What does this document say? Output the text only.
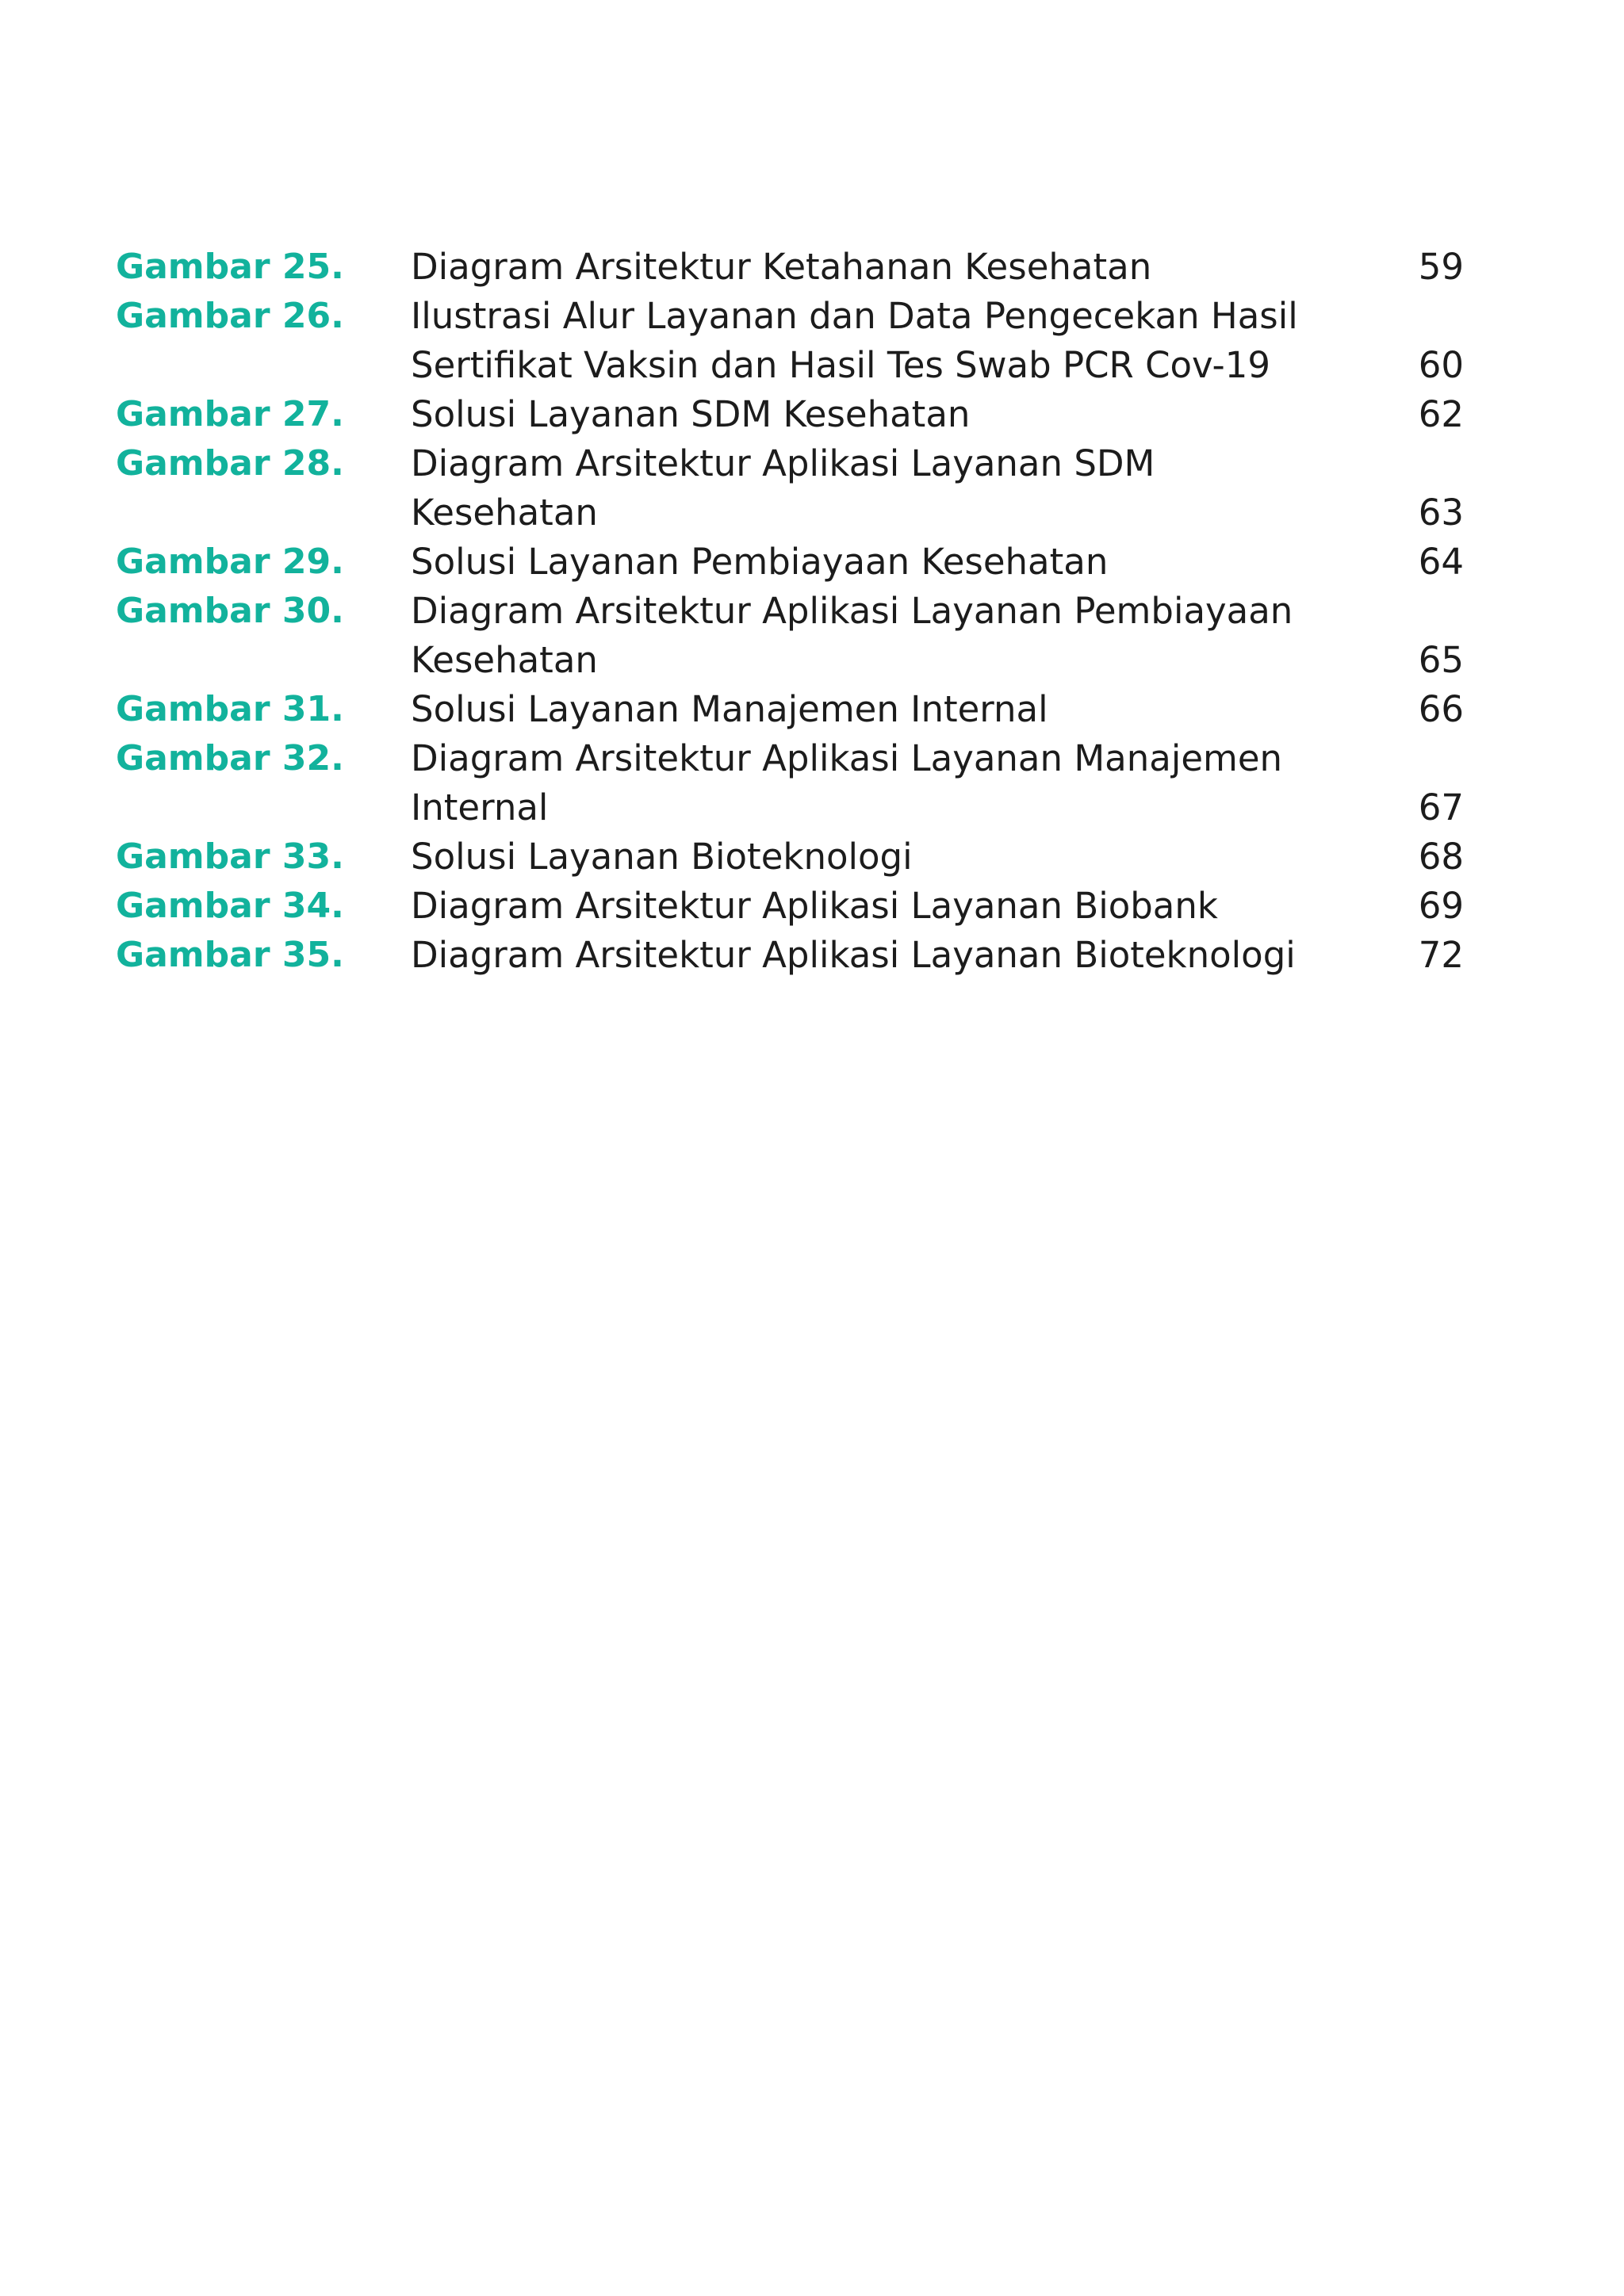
Gambar 25.	Diagram Arsitektur Ketahanan Kesehatan	59
Gambar 26.	Ilustrasi Alur Layanan dan Data Pengecekan Hasil
Sertifikat Vaksin dan Hasil Tes Swab PCR Cov-19	60
Gambar 27.	Solusi Layanan SDM Kesehatan	62
Gambar 28.	Diagram Arsitektur Aplikasi Layanan SDM
Kesehatan	63
Gambar 29.	Solusi Layanan Pembiayaan Kesehatan	64
Gambar 30.	Diagram Arsitektur Aplikasi Layanan Pembiayaan
Kesehatan	65
Gambar 31.	Solusi Layanan Manajemen Internal	66
Gambar 32.	Diagram Arsitektur Aplikasi Layanan Manajemen
Internal	67
Gambar 33.	Solusi Layanan Bioteknologi	68
Gambar 34.	Diagram Arsitektur Aplikasi Layanan Biobank	69
Gambar 35.	Diagram Arsitektur Aplikasi Layanan Bioteknologi	72
